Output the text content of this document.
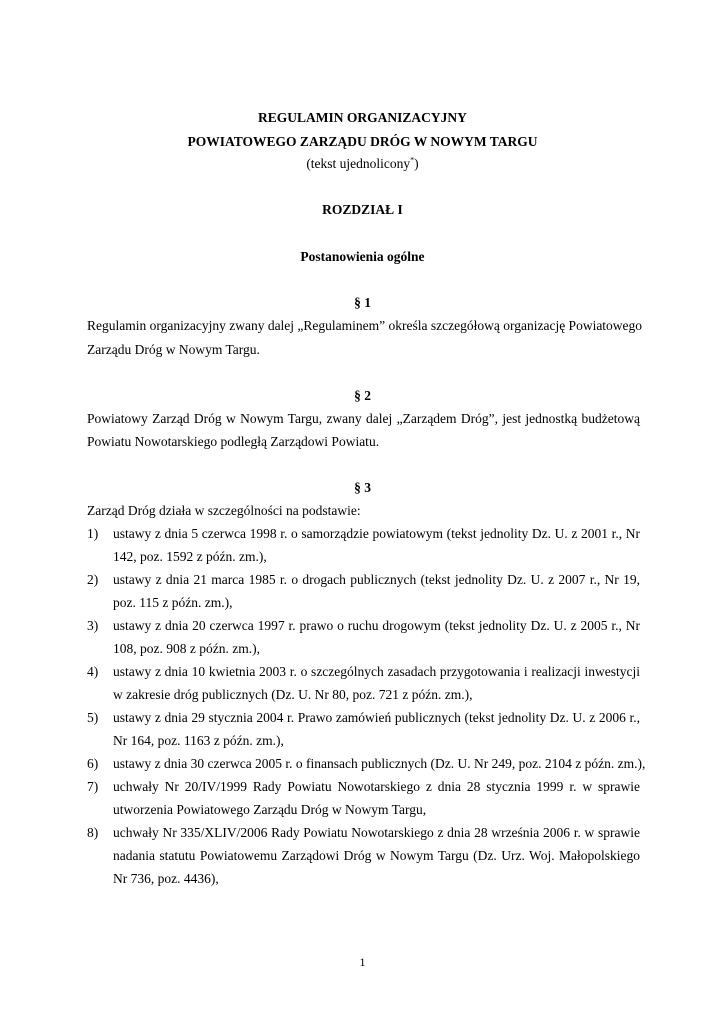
REGULAMIN ORGANIZACYJNY
POWIATOWEGO ZARZĄDU DRÓG W NOWYM TARGU
(tekst ujednolicony*)
ROZDZIAŁ I
Postanowienia ogólne
§ 1
Regulamin organizacyjny zwany dalej „Regulaminem” określa szczegółową organizację Powiatowego
Zarządu Dróg w Nowym Targu.
§ 2
Powiatowy Zarząd Dróg w Nowym Targu, zwany dalej „Zarządem Dróg”, jest jednostką budżetową
Powiatu Nowotarskiego podległą Zarządowi Powiatu.
§ 3
Zarząd Dróg działa w szczególności na podstawie:
1) ustawy z dnia 5 czerwca 1998 r. o samorządzie powiatowym (tekst jednolity Dz. U. z 2001 r., Nr
142, poz. 1592 z późn. zm.),
2) ustawy z dnia 21 marca 1985 r. o drogach publicznych (tekst jednolity Dz. U. z 2007 r., Nr 19,
poz. 115 z późn. zm.),
3) ustawy z dnia 20 czerwca 1997 r. prawo o ruchu drogowym (tekst jednolity Dz. U. z 2005 r., Nr
108, poz. 908 z późn. zm.),
4) ustawy z dnia 10 kwietnia 2003 r. o szczególnych zasadach przygotowania i realizacji inwestycji
w zakresie dróg publicznych (Dz. U. Nr 80, poz. 721 z późn. zm.),
5) ustawy z dnia 29 stycznia 2004 r. Prawo zamówień publicznych (tekst jednolity Dz. U. z 2006 r.,
Nr 164, poz. 1163 z późn. zm.),
6) ustawy z dnia 30 czerwca 2005 r. o finansach publicznych (Dz. U. Nr 249, poz. 2104 z późn. zm.),
7) uchwały Nr 20/IV/1999 Rady Powiatu Nowotarskiego z dnia 28 stycznia 1999 r. w sprawie
utworzenia Powiatowego Zarządu Dróg w Nowym Targu,
8) uchwały Nr 335/XLIV/2006 Rady Powiatu Nowotarskiego z dnia 28 września 2006 r. w sprawie
nadania statutu Powiatowemu Zarządowi Dróg w Nowym Targu (Dz. Urz. Woj. Małopolskiego
Nr 736, poz. 4436),
1
